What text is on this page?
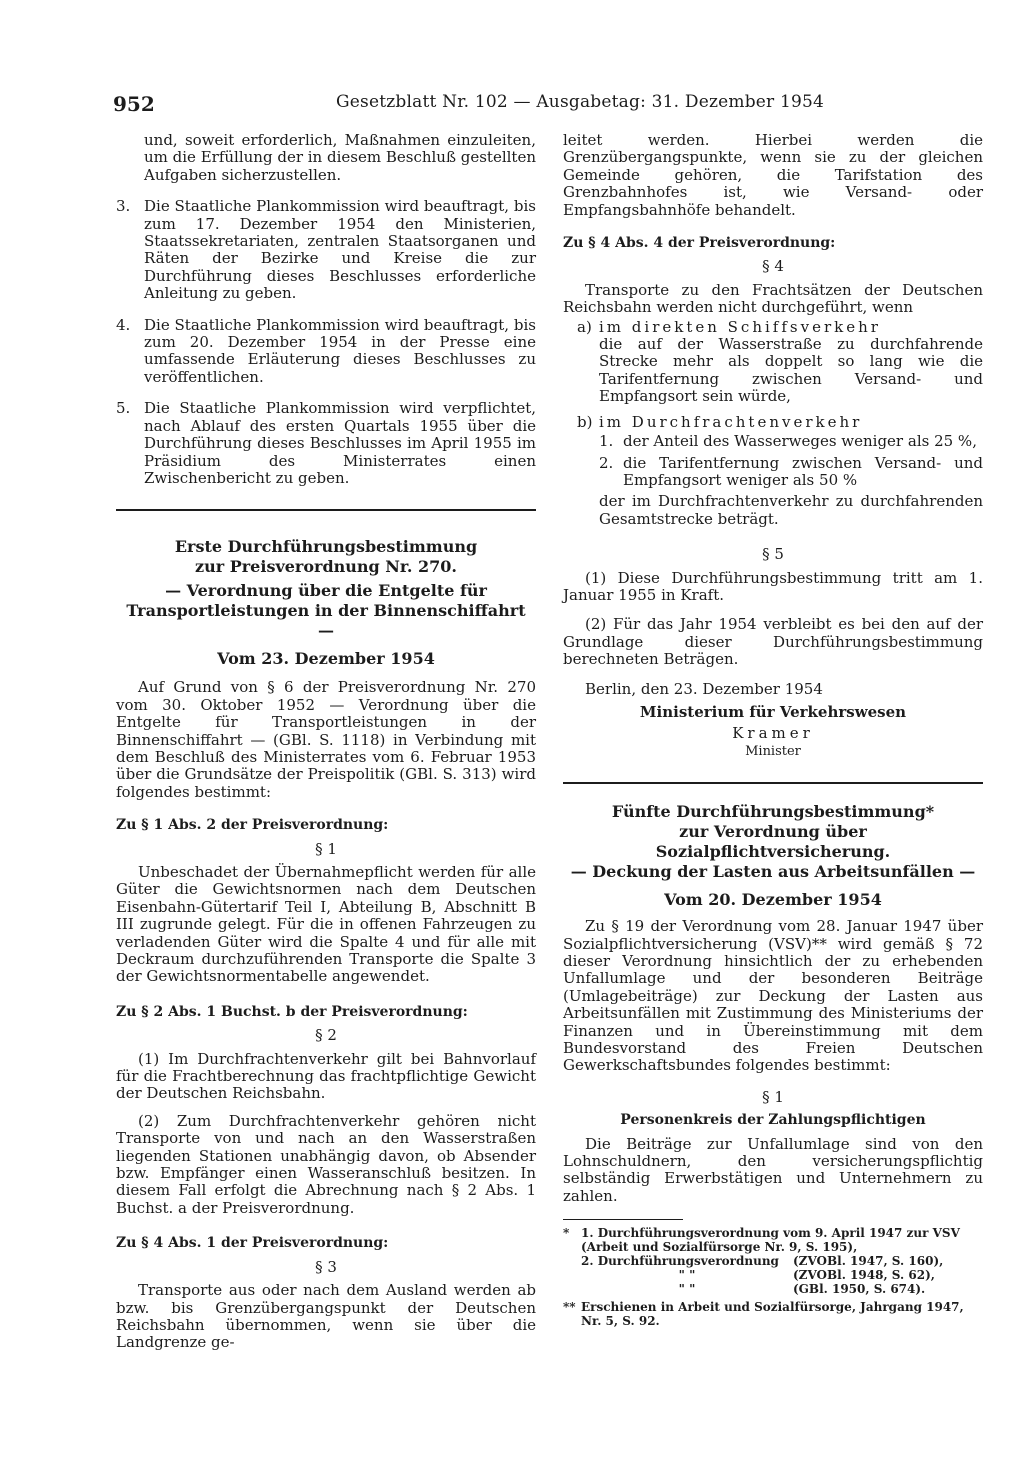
952	Gesetzblatt Nr. 102 — Ausgabetag: 31. Dezember 1954

und, soweit erforderlich, Maßnahmen einzuleiten, um die Erfüllung der in diesem Beschluß gestellten Aufgaben sicherzustellen.

3. Die Staatliche Plankommission wird beauftragt, bis zum 17. Dezember 1954 den Ministerien, Staatssekretariaten, zentralen Staatsorganen und Räten der Bezirke und Kreise die zur Durchführung dieses Beschlusses erforderliche Anleitung zu geben.
4. Die Staatliche Plankommission wird beauftragt, bis zum 20. Dezember 1954 in der Presse eine umfassende Erläuterung dieses Beschlusses zu veröffentlichen.
5. Die Staatliche Plankommission wird verpflichtet, nach Ablauf des ersten Quartals 1955 über die Durchführung dieses Beschlusses im April 1955 im Präsidium des Ministerrates einen Zwischenbericht zu geben.
Erste Durchführungsbestimmung
zur Preisverordnung Nr. 270.
— Verordnung über die Entgelte für Transportleistungen in der Binnenschiffahrt —
Vom 23. Dezember 1954

Auf Grund von § 6 der Preisverordnung Nr. 270 vom 30. Oktober 1952 — Verordnung über die Entgelte für Transportleistungen in der Binnenschiffahrt — (GBl. S. 1118) in Verbindung mit dem Beschluß des Ministerrates vom 6. Februar 1953 über die Grundsätze der Preispolitik (GBl. S. 313) wird folgendes bestimmt:

Zu § 1 Abs. 2 der Preisverordnung:
§ 1

Unbeschadet der Übernahmepflicht werden für alle Güter die Gewichtsnormen nach dem Deutschen Eisenbahn-Gütertarif Teil I, Abteilung B, Abschnitt B III zugrunde gelegt. Für die in offenen Fahrzeugen zu verladenden Güter wird die Spalte 4 und für alle mit Deckraum durchzuführenden Transporte die Spalte 3 der Gewichtsnormentabelle angewendet.

Zu § 2 Abs. 1 Buchst. b der Preisverordnung:
§ 2

(1) Im Durchfrachtenverkehr gilt bei Bahnvorlauf für die Frachtberechnung das frachtpflichtige Gewicht der Deutschen Reichsbahn.

(2) Zum Durchfrachtenverkehr gehören nicht Transporte von und nach an den Wasserstraßen liegenden Stationen unabhängig davon, ob Absender bzw. Empfänger einen Wasseranschluß besitzen. In diesem Fall erfolgt die Abrechnung nach § 2 Abs. 1 Buchst. a der Preisverordnung.

Zu § 4 Abs. 1 der Preisverordnung:
§ 3

Transporte aus oder nach dem Ausland werden ab bzw. bis Grenzübergangspunkt der Deutschen Reichsbahn übernommen, wenn sie über die Landgrenze ge-

leitet werden. Hierbei werden die Grenzübergangspunkte, wenn sie zu der gleichen Gemeinde gehören, die Tarifstation des Grenzbahnhofes ist, wie Versand- oder Empfangsbahnhöfe behandelt.

Zu § 4 Abs. 4 der Preisverordnung:
§ 4

Transporte zu den Frachtsätzen der Deutschen Reichsbahn werden nicht durchgeführt, wenn

a) im direkten Schiffsverkehr

die auf der Wasserstraße zu durchfahrende Strecke mehr als doppelt so lang wie die Tarifentfernung zwischen Versand- und Empfangsort sein würde,

b) im Durchfrachtenverkehr
1. der Anteil des Wasserweges weniger als 25 %,
2. die Tarifentfernung zwischen Versand- und Empfangsort weniger als 50 %

der im Durchfrachtenverkehr zu durchfahrenden Gesamtstrecke beträgt.

§ 5

(1) Diese Durchführungsbestimmung tritt am 1. Januar 1955 in Kraft.

(2) Für das Jahr 1954 verbleibt es bei den auf der Grundlage dieser Durchführungsbestimmung berechneten Beträgen.

Berlin, den 23. Dezember 1954

Ministerium für Verkehrswesen
Kramer
Minister
Fünfte Durchführungsbestimmung*
zur Verordnung über Sozialpflichtversicherung.
— Deckung der Lasten aus Arbeitsunfällen —
Vom 20. Dezember 1954

Zu § 19 der Verordnung vom 28. Januar 1947 über Sozialpflichtversicherung (VSV)** wird gemäß § 72 dieser Verordnung hinsichtlich der zu erhebenden Unfallumlage und der besonderen Beiträge (Umlagebeiträge) zur Deckung der Lasten aus Arbeitsunfällen mit Zustimmung des Ministeriums der Finanzen und in Übereinstimmung mit dem Bundesvorstand des Freien Deutschen Gewerkschaftsbundes folgendes bestimmt:

§ 1
Personenkreis der Zahlungspflichtigen

Die Beiträge zur Unfallumlage sind von den Lohnschuldnern, den versicherungspflichtig selbständig Erwerbstätigen und Unternehmern zu zahlen.

* 1. Durchführungsverordnung vom 9. April 1947 zur VSV (Arbeit und Sozialfürsorge Nr. 9, S. 195),
2. Durchführungsverordnung	(ZVOBl. 1947, S. 160),
" "	(ZVOBl. 1948, S. 62),
" "	(GBl. 1950, S. 674).
** Erschienen in Arbeit und Sozialfürsorge, Jahrgang 1947, Nr. 5, S. 92.
